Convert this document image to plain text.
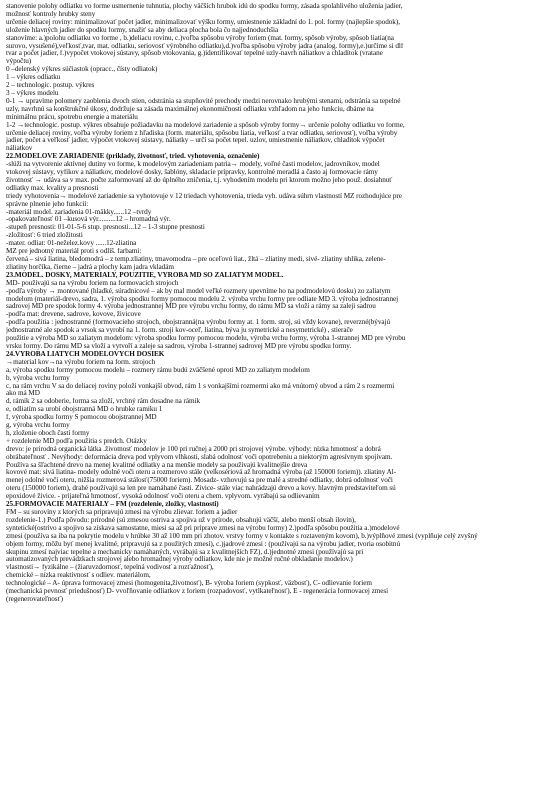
stanovenie polohy odliatku vo forme usmernenie tuhnutia, plochy väčších hrubok idú do spodku formy, zásada spolahlivého uloženia jadier,
možnosť kontroly hrubky steny
určenie deliacej roviny: minimalizovať počet jadier, minimalizovať výšku formy, umiestnenie základní do 1. pol. formy (najlepšie spodok),
uloženie hlavných jadier do spodku formy, snažiť sa aby deliaca plocha bola čo najjednoduchšia
stanovíme: a.)polohu odliatku vo forme , b.)deliacu rovinu, c.)voľba spôsobu výroby foriem (mat. formy, spôsob výroby, spôsob liatia(na
surovo, vysušené),veľkosť,tvar, mat. odliatku, seriovosť výrobného odliatku),d.)voľba spôsobu výroby jadra (analog. formy),e.)určime si dĺf
tvar a počet jadier, f.)vypočet vtokovej sústavy, spôsob vtokovania, g.)identifikovať tepelné uzly-navrh náliatkov a chladítok (vratane
výpočtu)
0 –delenský výkres súčiastok (opracc., čísty odliatok)
1 – výkres odliatku
2 – technologic. postup. výkres
3 – výkres modelu
0-1 → upravíme polomery zaoblenia dvoch stien, odstránia sa stupňovité prechody medzi nerovnako hrubými stenami, odstránia sa tepelné
uzly, navrhnú sa konštrukčné úkosy, dodržuje sa zásada maximálnej ekonomičnosti odliatku vzhľadom na jeho funkciu, dbáme na
minimálnu prácu, spotrebu energie a materiálu
1-2 →technologic. postup. výkres obsahuje požiadavku na modelové zariadenie a spôsob výroby formy→ určenie polohy odliatku vo forme,
určenie deliacej roviny, voľba výroby foriem z hľadiska (form. materiálu, spôsobu liatia, veľkosť a tvar odliatku, seriovosť), voľba výroby
jadier, počet a veľkosť jadier, výpočet vtokovej sústavy, náliatky – určí sa počet tepel. uzlov, umiestnenie náliatkov, chladítok výpočet
náliatkov
22.MODELOVE ZARIADENIE (priklady, životnosť, tried. vyhotovenia, označenie)
-slúži na vytvorenie aktívnej dutiny vo forme, k modelovým zariadeniam patria→ modely, voľné časti modelov, jadrovníkov, model
vtokovej sústavy, vyfikov a náliatkov, modelové dosky, šablóny, skladacie prípravky, kontrolné meradlá a často aj formovacie rámy
životnosť → udáva sa v max. počte zaformovaní až do úplného zničenia, t.j. vyhodením modelu pri ktorom možno jeho použ. dosiahnuť
odliatky max. kvality a presnosti
triedy vyhotovenia→ modelové zariadenie sa vyhotovuje v 12 triedach vyhotovenia, trieda vyh. udáva súhrn vlastností MZ rozhodujúce pre
správne plnenie jeho funkcií:
-materiál model. zariadenia 01-mäkky......12 –tvrdy
-opakovateľnosť 01 –kusová výr..........12 – hromadná výr.
-stupeň presnosti: 01-01-5-6 stup. presnosti...12 – 1-3 stupne presnosti
-zložitosť: 6 tried zložitosti
-mater. odliat: 01-neželez.kovy ......12-zliatina
MZ pre jednotný materiál proti s odlíš. farbami:
červená – sivá liatina, bledomodrá – z temp.zliatiny, tmavomodra – pre oceľovú liat., žltá – zliatiny medi, sivé- zliatiny uhlika, zelene-
zliatiny horčíka, čierne – jadrá a plochy kam jadra vkladám
23.MODEL. DOSKY, MATERIÁLY, POUŽITIE, VÝROBA MD SO ZALIATYM MODEL.
MD- používajú sa na výrobu foriem na formovacích strojoch
-podľa výroby → montované (hladké, súradnicové – ak by mal model veľké rozmery upevníme ho na podmodelovú dosku) zo zaliatym
modelom (materiál-drevo, sadra, 1. výroba spodku formy pomocou modelu 2. výroba vrchu formy pre odliate MD 3. výroba jednostrannej
sadrovej MD pre spodok formy 4. výroba jednostrannej MD pre výrobu vrchu formy, do rámu MD sa vloží a rámy sa zaleji sadrou
-podľa mat: drevene, sadrove, kovove, živicove
-podľa použitia : jednostranné (formovacieho strojoch, obojstranná(na výrobu formy at. 1 form. stroj, sú vždy kovane), reverzné(bývajú
jednostranné ale spodok a vrsok sa vyrobí na 1. form. stroji kov-oceľ, liatina, býva ju symetrické a nesymetrické) , stierače
použitie a výroba MD so zaliatym modelom: výroba spodku formy pomocou modelu, výroba vrchu formy, výroba 1-strannej MD pre výrobu
vrsku formy. Do rámu MD sa vloží a vytvoří a zaleje sa sadrou, výroba 1-strannej sadrovej MD pre výrobu spodku formy.
24.VÝROBA LIATYCH MODELOVÝCH DOSIEK
→material kov→na výrobu foriem na form. strojoch
a, výroba spodku formy pomocou modelu – rozmery rámu budú zväčšené oproti MD zo zaliatym modelom
b, výroba vrchu formy
c, na rám vrchu V sa do deliacej roviny položí vonkajší obvod, rám 1 s vonkajšími rozmermi ako má vnútorný obvod a rám 2 s rozmermi
ako má MD
d, rámik 2 sa odoberie, forma sa zloží, vrchný rám dosadne na rámik
e, odliatím sa urobí obojstranná MD o hrubke ramiku 1
f, výroba spodku formy S pomocou obojstrannej MD
g, výroba vrchu formy
h, zloženie oboch častí formy
+ rozdelenie MD podľa použitia s predch. Otázky
drevo: je prirodná organická látka .životnosť modelov je 100 pri ručnej a 2000 pri strojovej výrobe. výhody: nízka hmotnosť a dobrá
obrábateľnosť . Nevýhody: deformácia dreva pod vplyvom vlhkosti, slabá odolnosť voči opotrebeniu a niektorým agresívnym spojivam.
Používa sa šľachtené drevo na menej kvalitné odliatky a na menšie modely sa používajú kvalitnejšie dreva
kovové mat: sivá liatina- modely odolné voči oteru a rozmerovo stále (velkosériová až hromadná výroba (až 150000 foriem)). zliatiny Al-
menej odolné voči oteru, nižšia rozmerová stálosť(75000 foriem). Mosadz- vzhovujú sa pre malé a stredné odliatky, dobrá odolnosť voči
oteru (150000 foriem), drahé používajú sa len pre namáhané časti. Živice- stále viac nahrádzajú drevo a kovy. hlavným predstaviteľom sú
epoxidové živice. - prijateľná hmotnosť, vysoká odolnosť voči oteru a chem. vplyvom. vyrábajú sa odlievaním
25.FORMOVACIE MATERIALY – FM (rozdelenie, zložky, vlastnosti)
FM – su suroviny z ktorých sa pripravujú zmesi na výrobu zlievar. foriem a jadier
rozdelenie-1.) Podľa pôvodu: prírodné (sú zmesou ostriva a spojiva už v prírode, obsahujú väčší, alebo menší obsah ílovín),
syntetické(ostrivo a spojivo sa získava samostatne, miesi sa až pri príprave zmesi na výrobu formy) 2.)podľa spôsobu použitia a.)modelové
zmesi (používa sa iba na pokrytie modelu v hrúbke 30 až 100 mm pri zhotov. vrstvy formy v kontakte s roztaveným kovom), b.)výplňové zmesi (vyplňuje celý zvyšný
objem formy, môžu byť menej kvalitné, pripravujú sa z použitých zmesí), c.)jadrové zmesi : (používajú sa na výrobu jadier, tvoria osobitnú
skupinu zmesí najviac tepelne a mechanicky namáhaných, vyrábajú sa z kvalitnejších FZ), d.)jednotné zmesi (používajú sa pri
automatizovaných prevádzkach strojovej alebo hromadnej výroby odliatkov, kde nie je možné ručné obkladanie modelov.)
vlastnosti→ fyzikálne – (žiaruvzdornosť, tepelná vodivosť a rozťažnosť),
chemické – nízka reaktivnosť s odliev. materiálom,
technologické – A- úprava formovacej zmesi (homogenita,životnosť), B- výroba foriem (sypkosť, väzbosť), C- odlievanie foriem
(mechanická pevnosť priedušnosť) D- vvoľňovanie odliatkov z foriem (rozpadovosť, vytĺkateľnosť), E - regenerácia formovacej zmesi
(regenerovateľnosť)
